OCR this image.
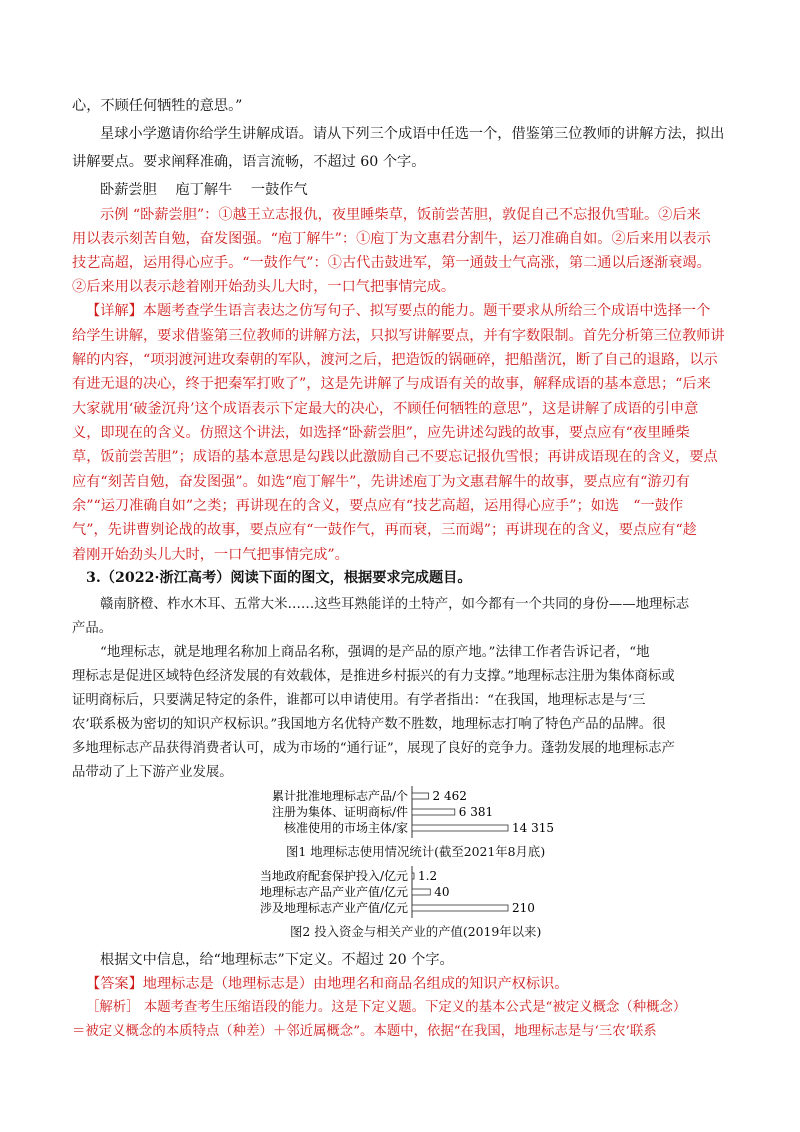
心，不顾任何牺牲的意思。”
星球小学邀请你给学生讲解成语。请从下列三个成语中任选一个，借鉴第三位教师的讲解方法，拟出
讲解要点。要求阐释准确，语言流畅，不超过 60 个字。
卧薪尝胆　 庖丁解牛　 一鼓作气
示例 “卧薪尝胆”：①越王立志报仇，夜里睡柴草，饭前尝苦胆，敦促自己不忘报仇雪耻。②后来
用以表示刻苦自勉，奋发图强。“庖丁解牛”：①庖丁为文惠君分割牛，运刀准确自如。②后来用以表示
技艺高超，运用得心应手。“一鼓作气”：①古代击鼓进军，第一通鼓士气高涨，第二通以后逐渐衰竭。
②后来用以表示趁着刚开始劲头儿大时，一口气把事情完成。
【详解】本题考查学生语言表达之仿写句子、拟写要点的能力。题干要求从所给三个成语中选择一个
给学生讲解，要求借鉴第三位教师的讲解方法，只拟写讲解要点，并有字数限制。首先分析第三位教师讲
解的内容，“项羽渡河进攻秦朝的军队，渡河之后，把造饭的锅砸碎，把船凿沉，断了自己的退路，以示
有进无退的决心，终于把秦军打败了”，这是先讲解了与成语有关的故事，解释成语的基本意思；“后来
大家就用‘破釜沉舟’这个成语表示下定最大的决心，不顾任何牺牲的意思”，这是讲解了成语的引申意
义，即现在的含义。仿照这个讲法，如选择“卧薪尝胆”，应先讲述勾践的故事，要点应有“夜里睡柴
草，饭前尝苦胆”；成语的基本意思是勾践以此激励自己不要忘记报仇雪恨；再讲成语现在的含义，要点
应有“刻苦自勉，奋发图强”。如选“庖丁解牛”，先讲述庖丁为文惠君解牛的故事，要点应有“游刃有
余”“运刀准确自如”之类；再讲现在的含义，要点应有“技艺高超，运用得心应手”；如选　“一鼓作
气”，先讲曹刿论战的故事，要点应有“一鼓作气，再而衰，三而竭”；再讲现在的含义，要点应有“趁
着刚开始劲头儿大时，一口气把事情完成”。
3.（2022·浙江高考）阅读下面的图文，根据要求完成题目。
赣南脐橙、柞水木耳、五常大米……这些耳熟能详的土特产，如今都有一个共同的身份——地理标志
产品。
“地理标志，就是地理名称加上商品名称，强调的是产品的原产地。”法律工作者告诉记者，“地
理标志是促进区域特色经济发展的有效载体，是推进乡村振兴的有力支撑。”地理标志注册为集体商标或
证明商标后，只要满足特定的条件，谁都可以申请使用。有学者指出：“在我国，地理标志是与‘三
农’联系极为密切的知识产权标识。”我国地方名优特产数不胜数，地理标志打响了特色产品的品牌。很
多地理标志产品获得消费者认可，成为市场的“通行证”，展现了良好的竞争力。蓬勃发展的地理标志产
品带动了上下游产业发展。
累计批准地理标志产品/个 2 462
注册为集体、证明商标/件	6 381
核准使用的市场主体/家	14 315
图1 地理标志使用情况统计(截至2021年8月底)
当地政府配套保护投入/亿元 1.2
地理标志产品产业产值/亿元 40
涉及地理标志产业产值/亿元	210
图2 投入资金与相关产业的产值(2019年以来)
根据文中信息，给“地理标志”下定义。不超过 20 个字。
【答案】地理标志是（地理标志是）由地理名和商品名组成的知识产权标识。
［解析］ 本题考查考生压缩语段的能力。这是下定义题。下定义的基本公式是“被定义概念（种概念）
＝被定义概念的本质特点（种差）＋邻近属概念”。本题中，依据“在我国，地理标志是与‘三农’联系
